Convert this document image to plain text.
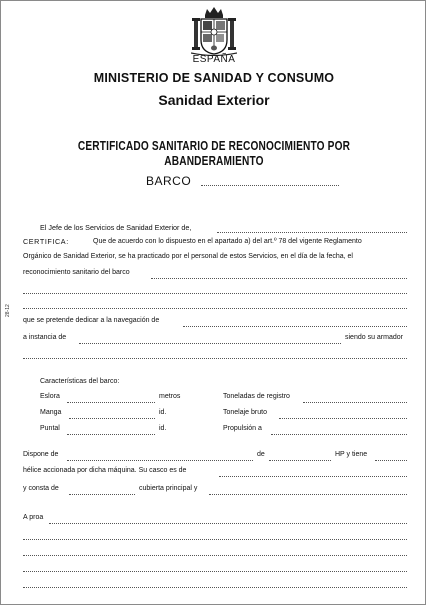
ESPAÑA
MINISTERIO DE SANIDAD Y CONSUMO
Sanidad Exterior
CERTIFICADO SANITARIO DE RECONOCIMIENTO POR ABANDERAMIENTO
BARCO
El Jefe de los Servicios de Sanidad Exterior de,
CERTIFICA:	Que de acuerdo con lo dispuesto en el apartado a) del art.º 78 del vigente Reglamento
Orgánico de Sanidad Exterior, se ha practicado por el personal de estos Servicios, en el día de la fecha, el
reconocimiento sanitario del barco
28-12
que se pretende dedicar a la navegación de
a instancia de	siendo su armador
Características del barco:
Eslora	metros	Toneladas de registro
Manga	id.	Tonelaje bruto
Puntal	id.	Propulsión a
Dispone de	de	HP y tiene
hélice accionada por dicha máquina. Su casco es de
y consta de	cubierta principal y
A proa
